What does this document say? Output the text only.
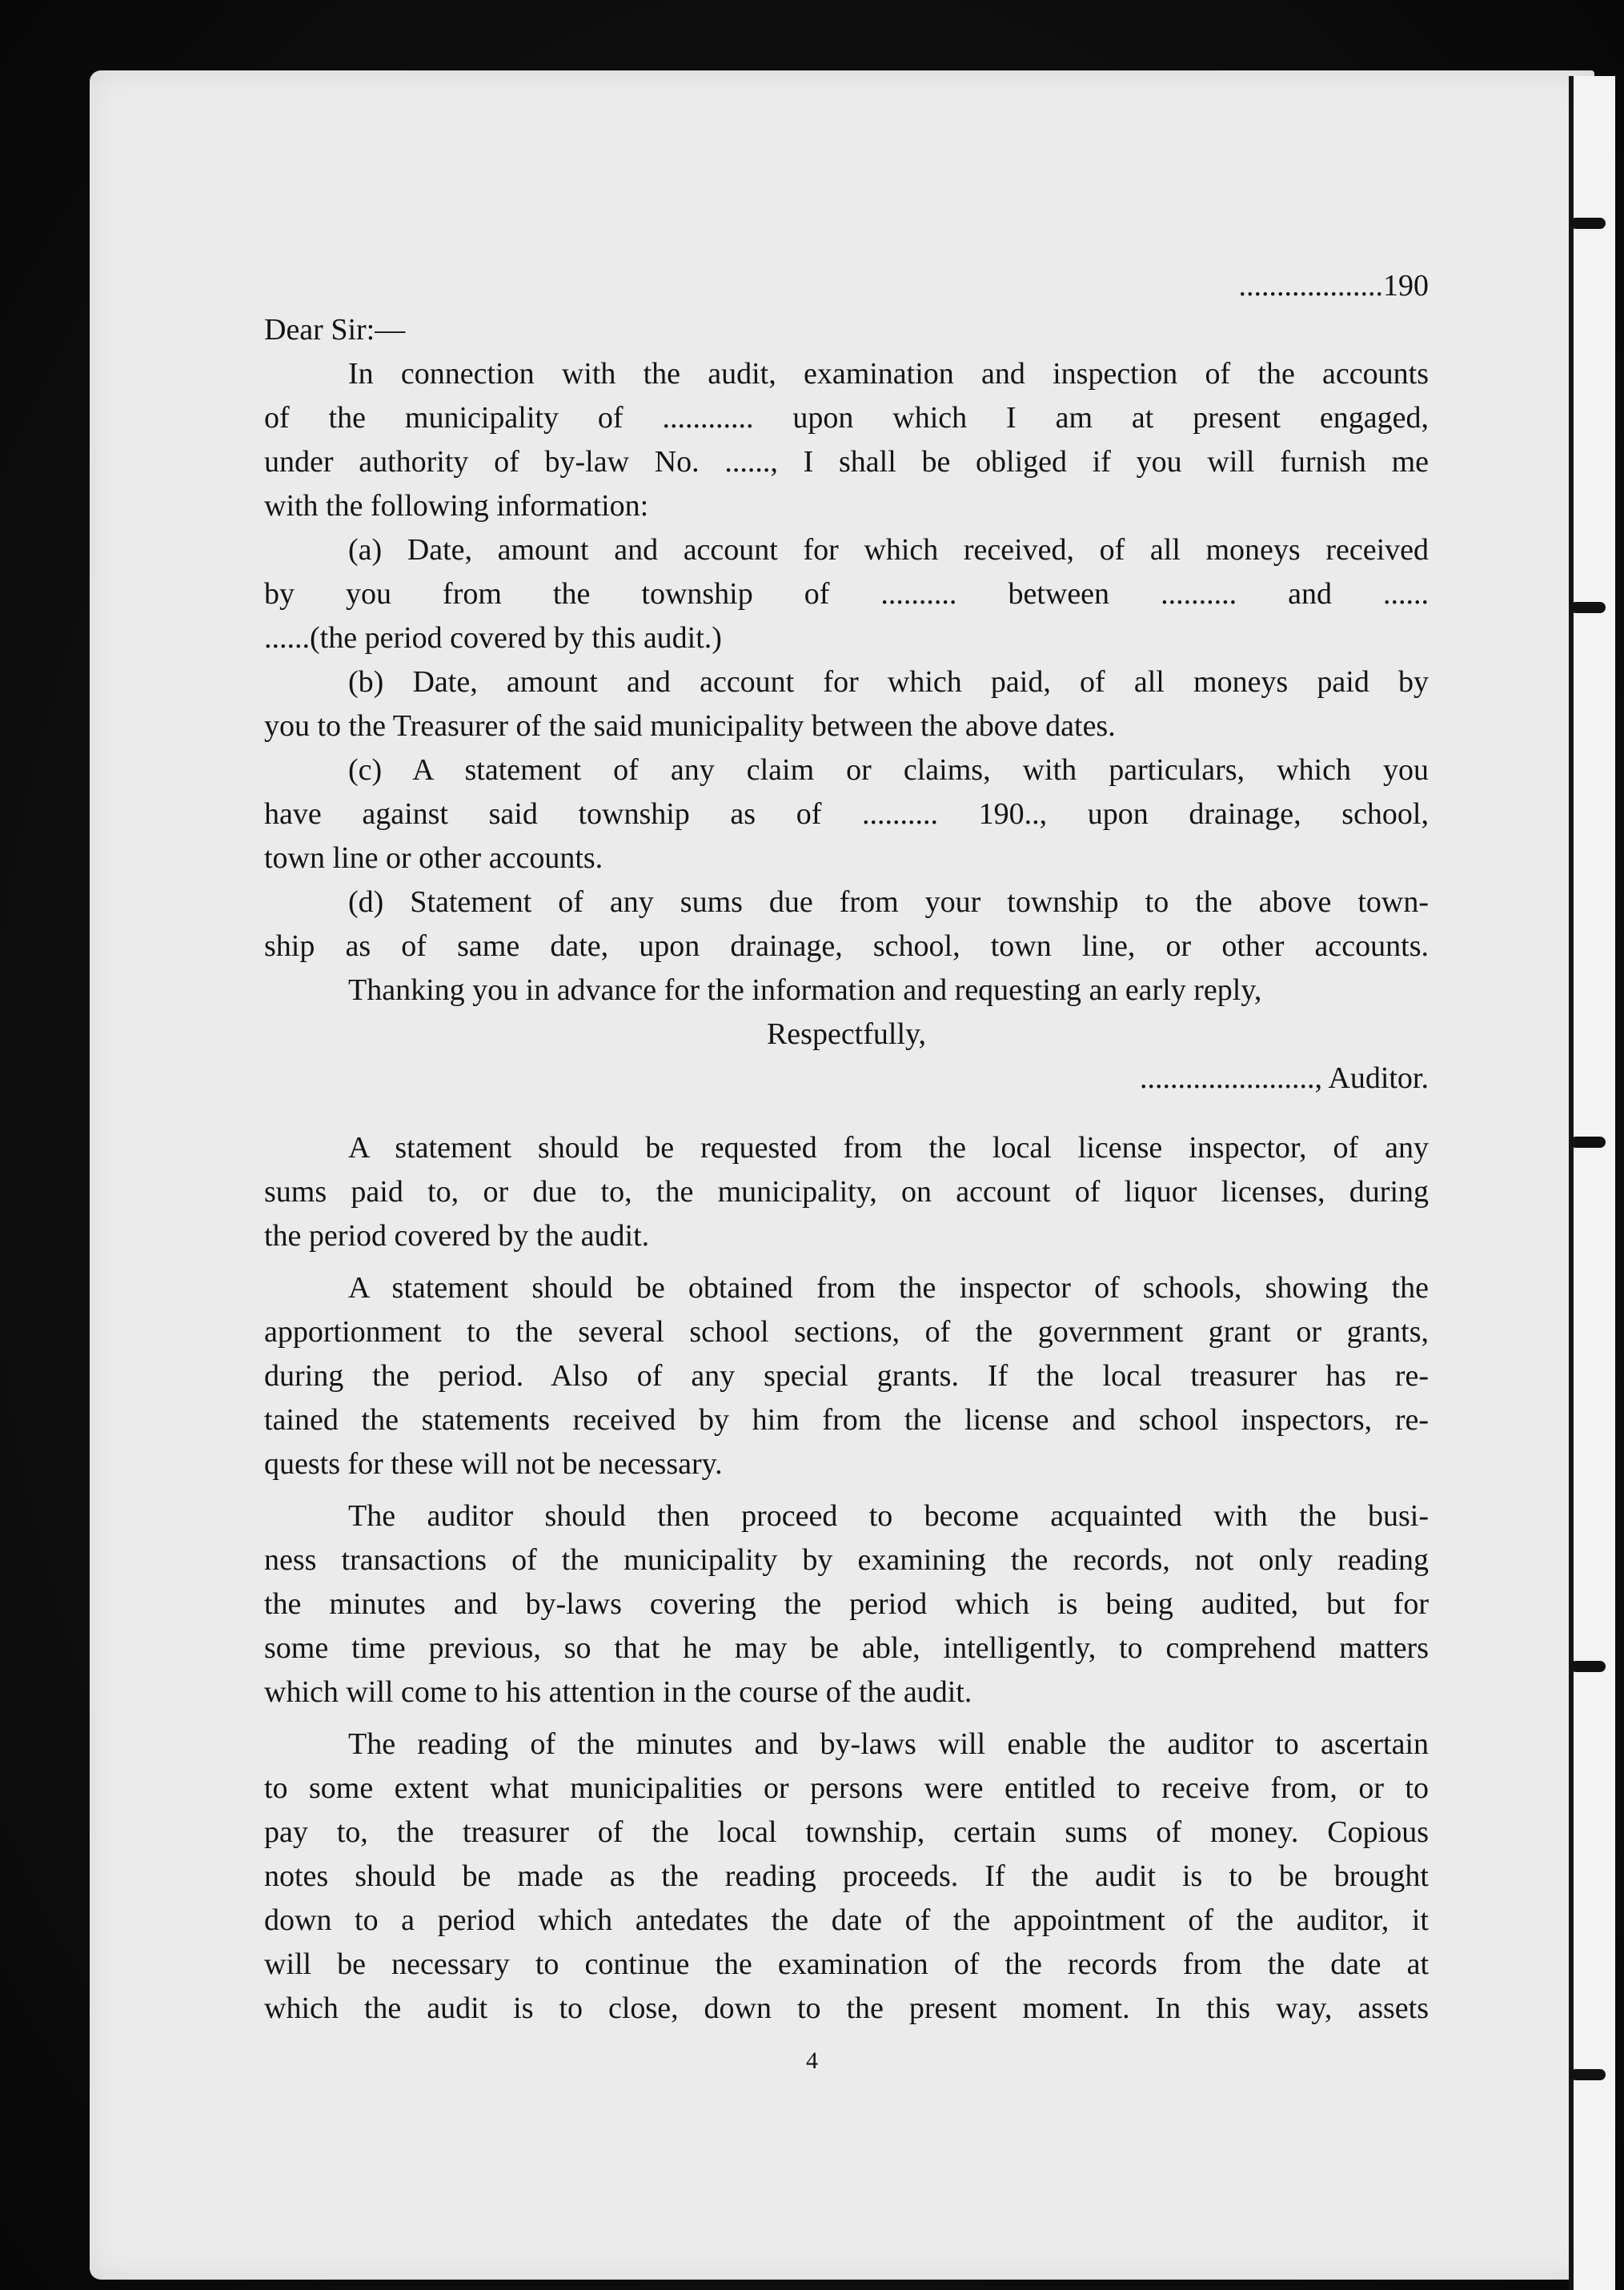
...................190
Dear Sir:—
In connection with the audit, examination and inspection of the accounts
of the municipality of ............ upon which I am at present engaged,
under authority of by-law No. ......, I shall be obliged if you will furnish me
with the following information:
(a) Date, amount and account for which received, of all moneys received
by you from the township of .......... between .......... and ......
......(the period covered by this audit.)
(b) Date, amount and account for which paid, of all moneys paid by
you to the Treasurer of the said municipality between the above dates.
(c) A statement of any claim or claims, with particulars, which you
have against said township as of .......... 190.., upon drainage, school,
town line or other accounts.
(d) Statement of any sums due from your township to the above town-
ship as of same date, upon drainage, school, town line, or other accounts.
Thanking you in advance for the information and requesting an early reply,
Respectfully,
......................., Auditor.
A statement should be requested from the local license inspector, of any
sums paid to, or due to, the municipality, on account of liquor licenses, during
the period covered by the audit.
A statement should be obtained from the inspector of schools, showing the
apportionment to the several school sections, of the government grant or grants,
during the period. Also of any special grants. If the local treasurer has re-
tained the statements received by him from the license and school inspectors, re-
quests for these will not be necessary.
The auditor should then proceed to become acquainted with the busi-
ness transactions of the municipality by examining the records, not only reading
the minutes and by-laws covering the period which is being audited, but for
some time previous, so that he may be able, intelligently, to comprehend matters
which will come to his attention in the course of the audit.
The reading of the minutes and by-laws will enable the auditor to ascertain
to some extent what municipalities or persons were entitled to receive from, or to
pay to, the treasurer of the local township, certain sums of money. Copious
notes should be made as the reading proceeds. If the audit is to be brought
down to a period which antedates the date of the appointment of the auditor, it
will be necessary to continue the examination of the records from the date at
which the audit is to close, down to the present moment. In this way, assets
4
